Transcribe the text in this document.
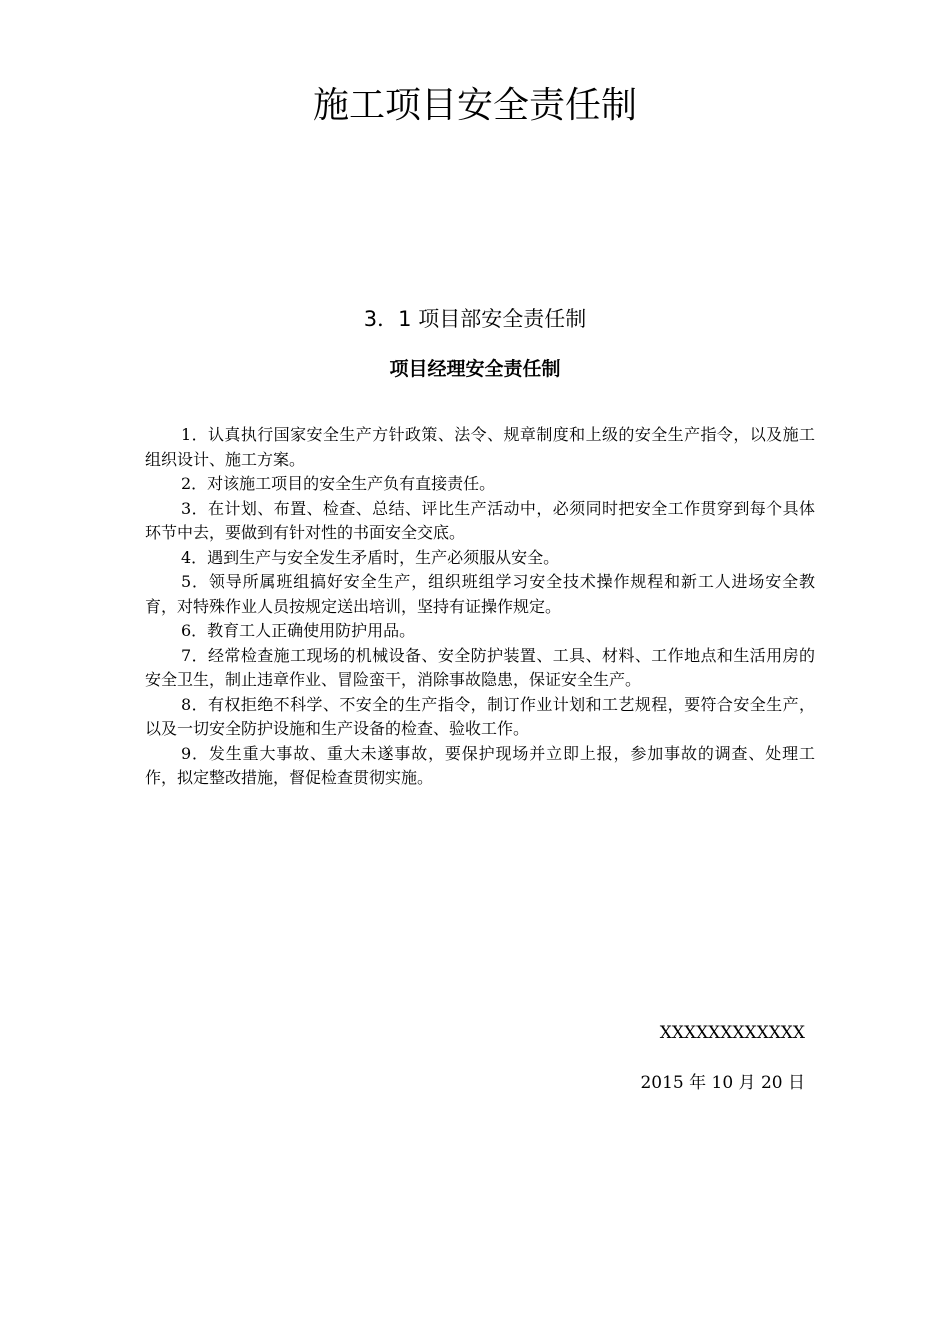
施工项目安全责任制
3．1 项目部安全责任制
项目经理安全责任制
1．认真执行国家安全生产方针政策、法令、规章制度和上级的安全生产指令，以及施工组织设计、施工方案。
2．对该施工项目的安全生产负有直接责任。
3．在计划、布置、检查、总结、评比生产活动中，必须同时把安全工作贯穿到每个具体环节中去，要做到有针对性的书面安全交底。
4．遇到生产与安全发生矛盾时，生产必须服从安全。
5．领导所属班组搞好安全生产，组织班组学习安全技术操作规程和新工人进场安全教育，对特殊作业人员按规定送出培训，坚持有证操作规定。
6．教育工人正确使用防护用品。
7．经常检查施工现场的机械设备、安全防护装置、工具、材料、工作地点和生活用房的安全卫生，制止违章作业、冒险蛮干，消除事故隐患，保证安全生产。
8．有权拒绝不科学、不安全的生产指令，制订作业计划和工艺规程，要符合安全生产，以及一切安全防护设施和生产设备的检查、验收工作。
9．发生重大事故、重大未遂事故，要保护现场并立即上报，参加事故的调查、处理工作，拟定整改措施，督促检查贯彻实施。

XXXXXXXXXXXX

2015 年 10 月 20 日
